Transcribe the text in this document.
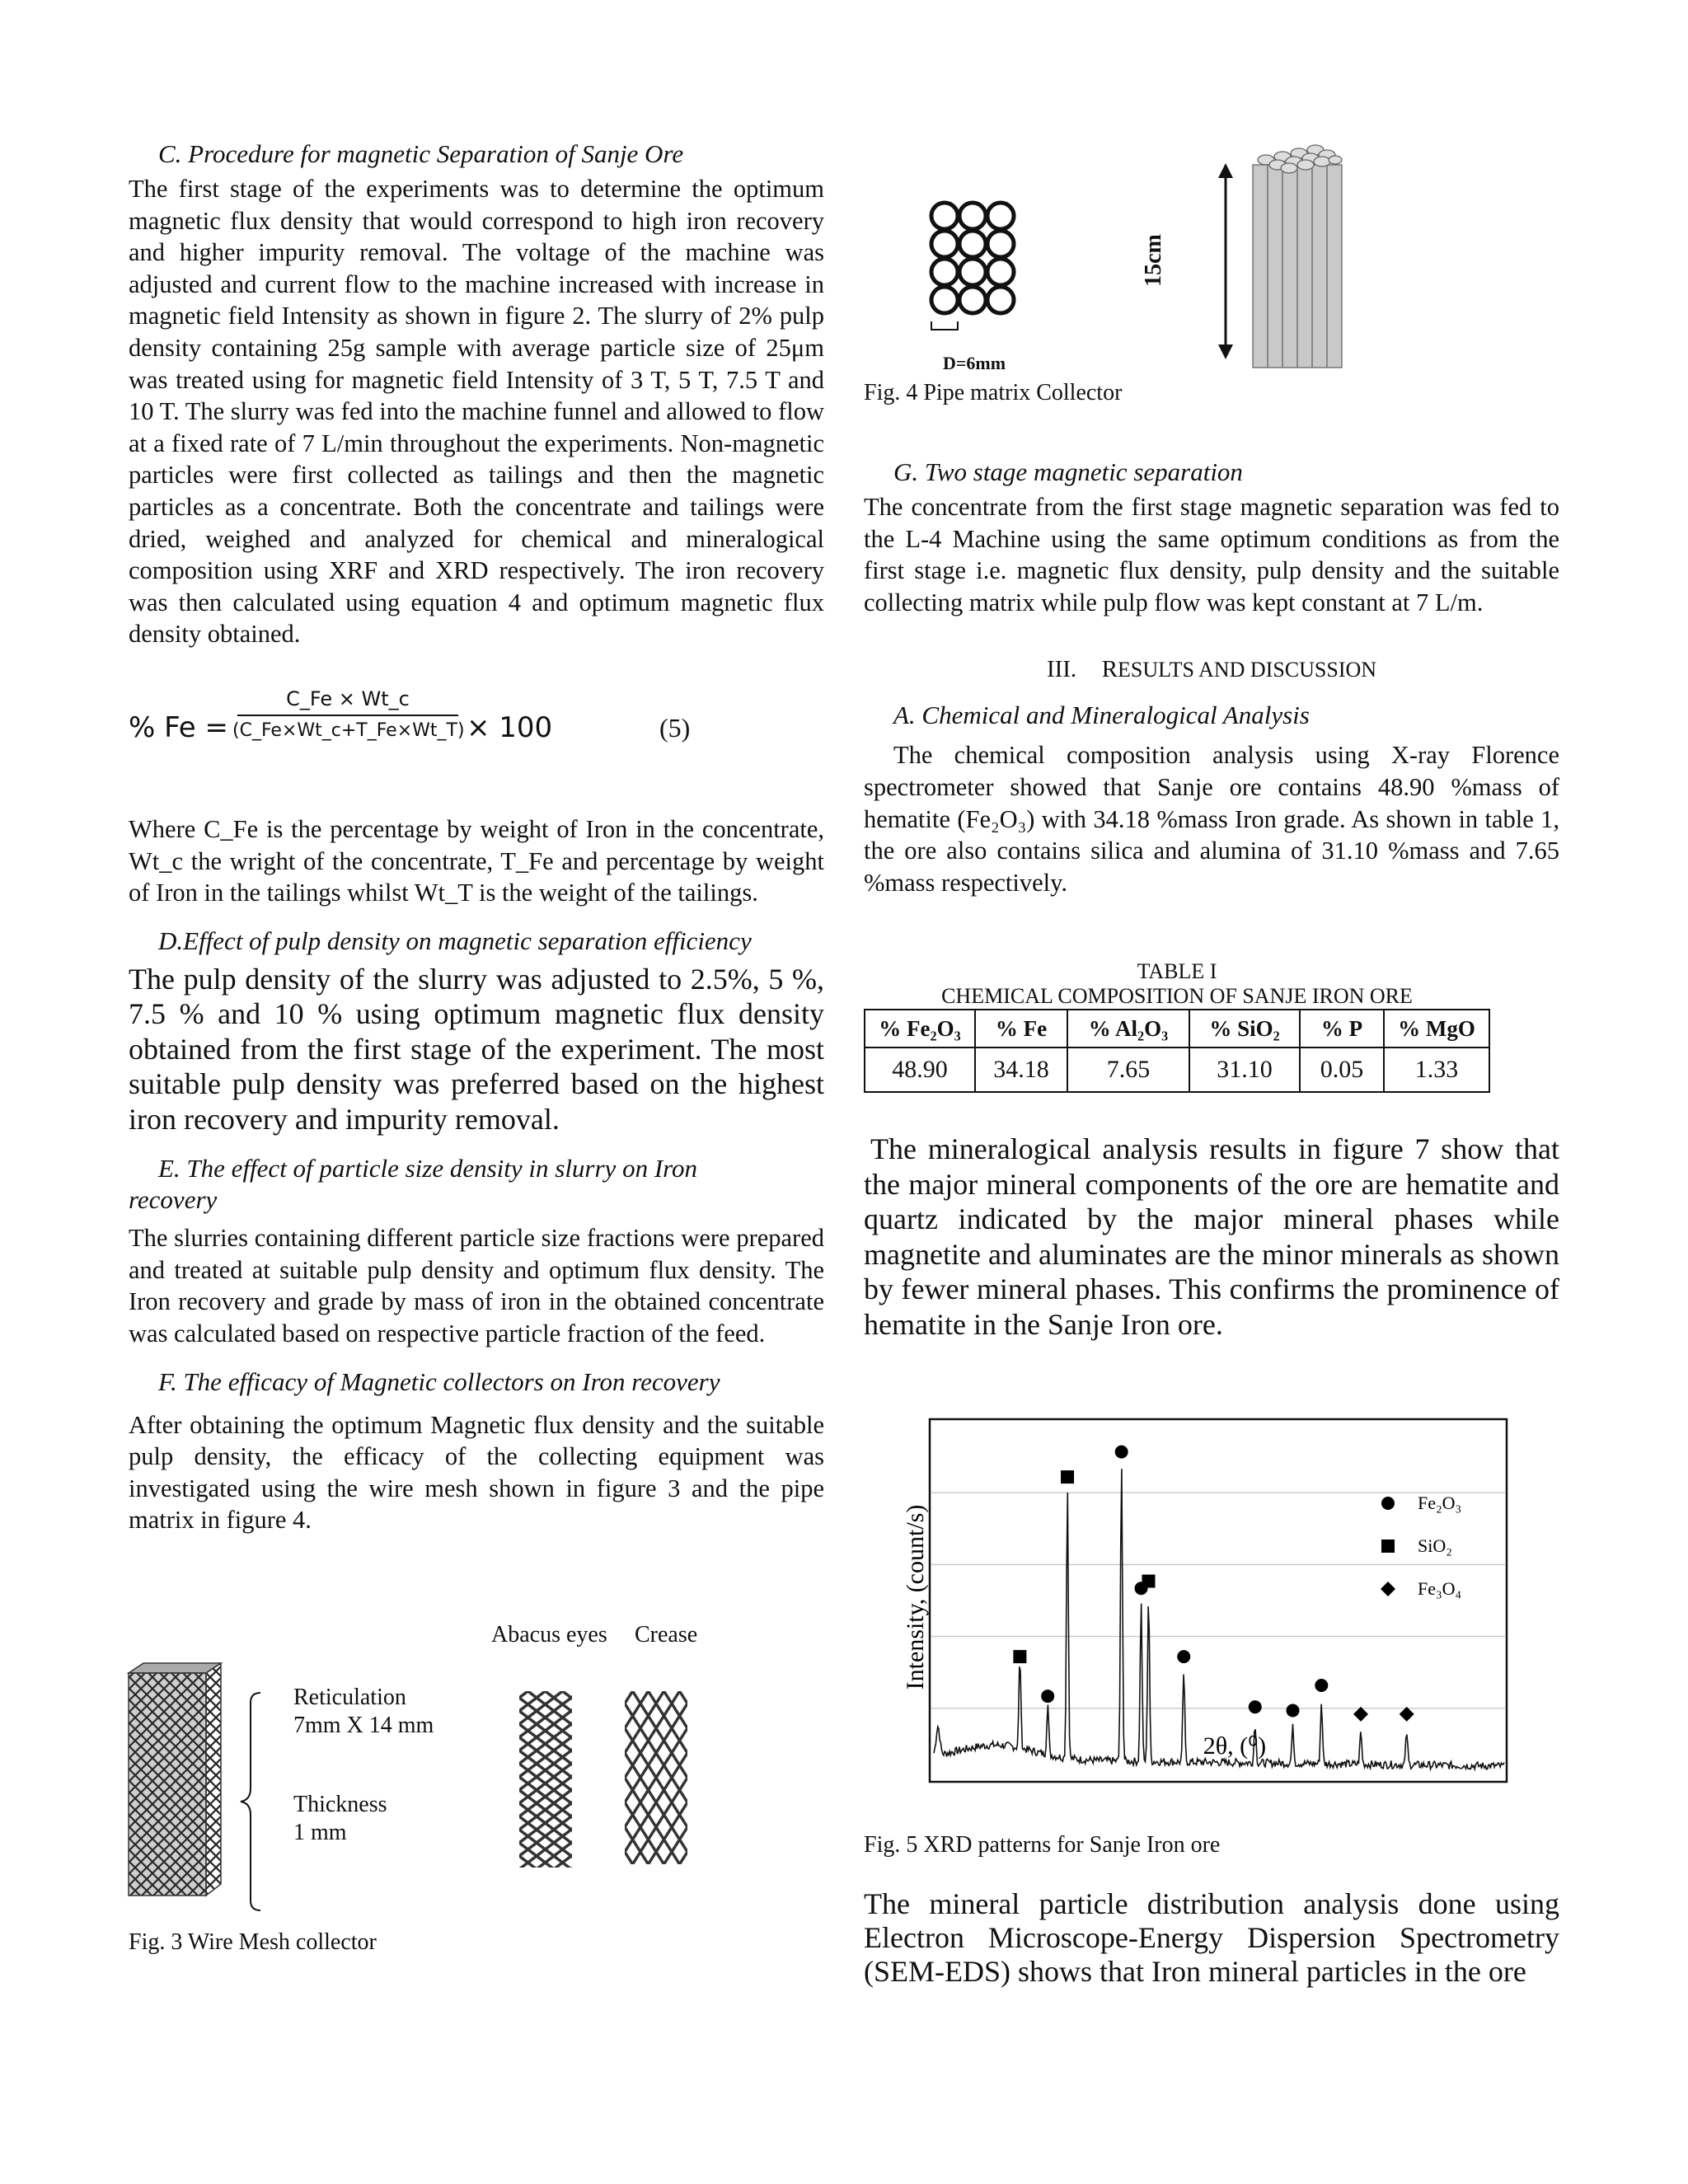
C. Procedure for magnetic Separation of Sanje Ore

The first stage of the experiments was to determine the optimum magnetic flux density that would correspond to high iron recovery and higher impurity removal. The voltage of the machine was adjusted and current flow to the machine increased with increase in magnetic field Intensity as shown in figure 2. The slurry of 2% pulp density containing 25g sample with average particle size of 25μm was treated using for magnetic field Intensity of 3 T, 5 T, 7.5 T and 10 T. The slurry was fed into the machine funnel and allowed to flow at a fixed rate of 7 L/min throughout the experiments. Non-magnetic particles were first collected as tailings and then the magnetic particles as a concentrate. Both the concentrate and tailings were dried, weighed and analyzed for chemical and mineralogical composition using XRF and XRD respectively. The iron recovery was then calculated using equation 4 and optimum magnetic flux density obtained.

% Fe =
C_Fe × Wt_c
(C_Fe×Wt_c+T_Fe×Wt_T) × 100	(5)

Where C_Fe is the percentage by weight of Iron in the concentrate, Wt_c the wright of the concentrate, T_Fe and percentage by weight of Iron in the tailings whilst Wt_T is the weight of the tailings.

D.Effect of pulp density on magnetic separation efficiency

The pulp density of the slurry was adjusted to 2.5%, 5 %, 7.5 % and 10 % using optimum magnetic flux density obtained from the first stage of the experiment. The most suitable pulp density was preferred based on the highest iron recovery and impurity removal.

E. The effect of particle size density in slurry on Iron

recovery

The slurries containing different particle size fractions were prepared and treated at suitable pulp density and optimum flux density. The Iron recovery and grade by mass of iron in the obtained concentrate was calculated based on respective particle fraction of the feed.

F. The efficacy of Magnetic collectors on Iron recovery

After obtaining the optimum Magnetic flux density and the suitable pulp density, the efficacy of the collecting equipment was investigated using the wire mesh shown in figure 3 and the pipe matrix in figure 4.

Abacus eyes Crease
Reticulation
7mm X 14 mm
Thickness
1 mm

Fig. 3 Wire Mesh collector

D=6mm
15cm

Fig. 4 Pipe matrix Collector

G. Two stage magnetic separation

The concentrate from the first stage magnetic separation was fed to the L-4 Machine using the same optimum conditions as from the first stage i.e. magnetic flux density, pulp density and the suitable collecting matrix while pulp flow was kept constant at 7 L/m.

III. RESULTS AND DISCUSSION

A. Chemical and Mineralogical Analysis

The chemical composition analysis using X-ray Florence spectrometer showed that Sanje ore contains 48.90 %mass of hematite (Fe₂O₃) with 34.18 %mass Iron grade. As shown in table 1, the ore also contains silica and alumina of 31.10 %mass and 7.65 %mass respectively.

TABLE I
CHEMICAL COMPOSITION OF SANJE IRON ORE
% Fe₂O₃	% Fe	% Al₂O₃	% SiO₂	% P	% MgO
48.90	34.18	7.65	31.10	0.05	1.33

The mineralogical analysis results in figure 7 show that the major mineral components of the ore are hematite and quartz indicated by the major mineral phases while magnetite and aluminates are the minor minerals as shown by fewer mineral phases. This confirms the prominence of hematite in the Sanje Iron ore.

Intensity, (count/s)
Fe₂O₃
SiO₂
Fe₃O₄
2θ, (⁰)

Fig. 5 XRD patterns for Sanje Iron ore

The mineral particle distribution analysis done using Electron Microscope-Energy Dispersion Spectrometry (SEM-EDS) shows that Iron mineral particles in the ore
